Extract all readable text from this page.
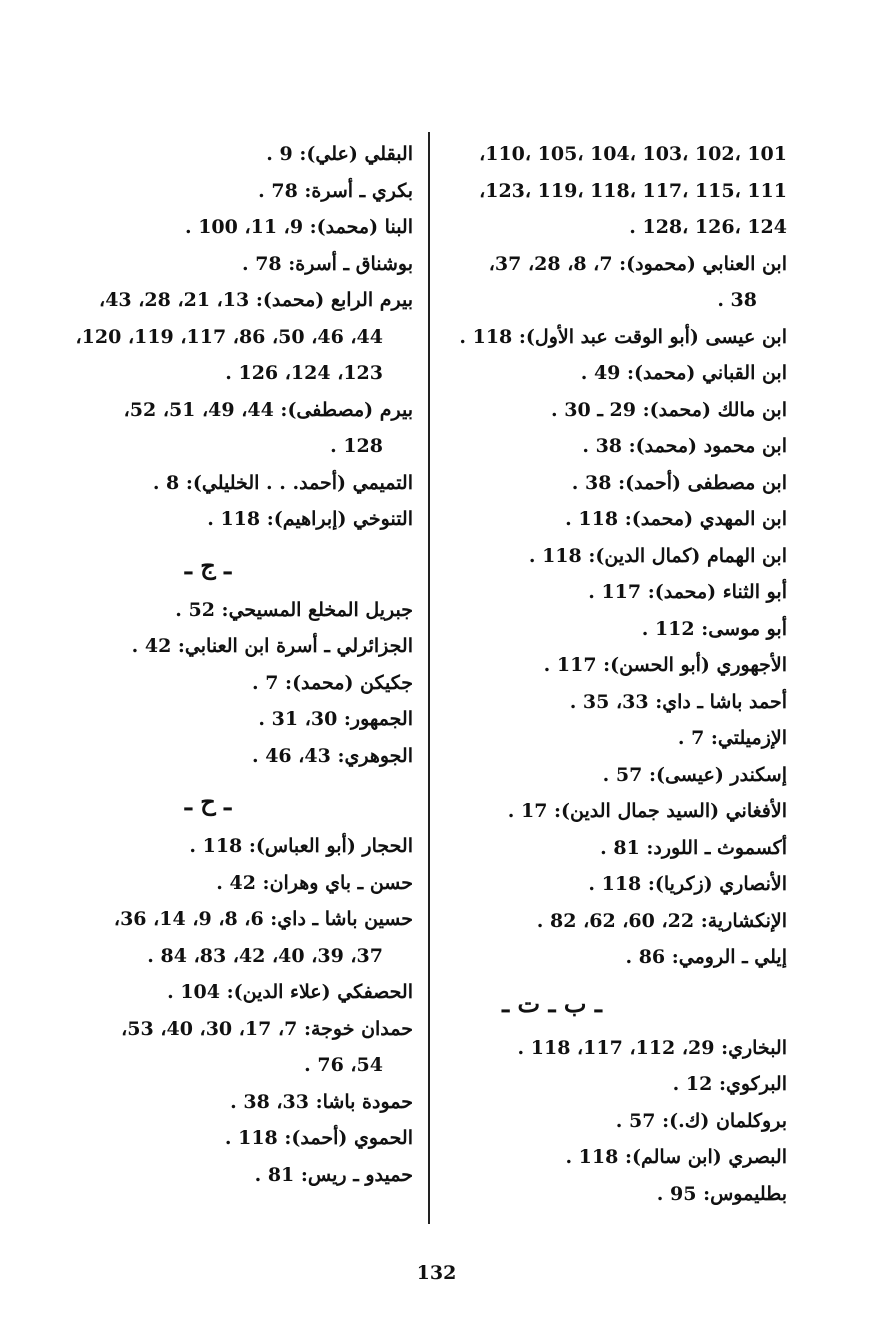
101 ،102 ،103 ،104 ،105 ،110،
111 ،115 ،117 ،118 ،119 ،123،
124 ،126 ،128 .
ابن العنابي (محمود): 7، 8، 28، 37،
38 .
ابن عيسى (أبو الوقت عبد الأول): 118 .
ابن القباني (محمد): 49 .
ابن مالك (محمد): 29 ـ 30 .
ابن محمود (محمد): 38 .
ابن مصطفى (أحمد): 38 .
ابن المهدي (محمد): 118 .
ابن الهمام (كمال الدين): 118 .
أبو الثناء (محمد): 117 .
أبو موسى: 112 .
الأجهوري (أبو الحسن): 117 .
أحمد باشا ـ داي: 33، 35 .
الإزميلتي: 7 .
إسكندر (عيسى): 57 .
الأفغاني (السيد جمال الدين): 17 .
أكسموث ـ اللورد: 81 .
الأنصاري (زكريا): 118 .
الإنكشارية: 22، 60، 62، 82 .
إيلي ـ الرومي: 86 .
ـ ب ـ ت ـ
البخاري: 29، 112، 117، 118 .
البركوي: 12 .
بروكلمان (ك.): 57 .
البصري (ابن سالم): 118 .
بطليموس: 95 .
البقلي (علي): 9 .
بكري ـ أسرة: 78 .
البنا (محمد): 9، 11، 100 .
بوشناق ـ أسرة: 78 .
بيرم الرابع (محمد): 13، 21، 28، 43،
44، 46، 50، 86، 117، 119، 120،
123، 124، 126 .
بيرم (مصطفى): 44، 49، 51، 52،
128 .
التميمي (أحمد. . . الخليلي): 8 .
التنوخي (إبراهيم): 118 .
ـ ج ـ
جبريل المخلع المسيحي: 52 .
الجزائرلي ـ أسرة ابن العنابي: 42 .
جكيكن (محمد): 7 .
الجمهور: 30، 31 .
الجوهري: 43، 46 .
ـ ح ـ
الحجار (أبو العباس): 118 .
حسن ـ باي وهران: 42 .
حسين باشا ـ داي: 6، 8، 9، 14، 36،
37، 39، 40، 42، 83، 84 .
الحصفكي (علاء الدين): 104 .
حمدان خوجة: 7، 17، 30، 40، 53،
54، 76 .
حمودة باشا: 33، 38 .
الحموي (أحمد): 118 .
حميدو ـ ريس: 81 .
132
